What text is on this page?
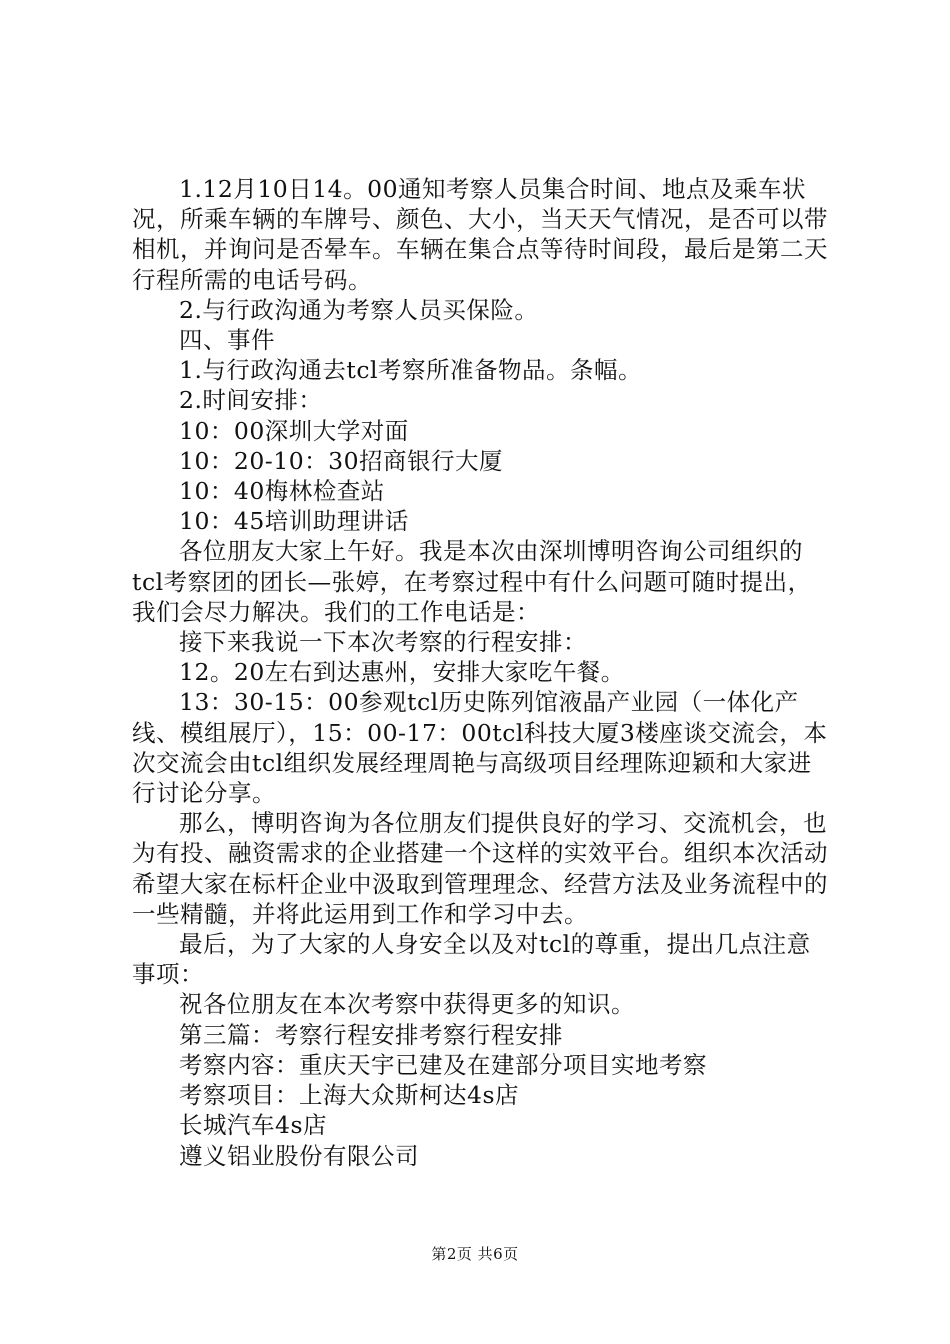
1.12月10日14。00通知考察人员集合时间、地点及乘车状况，所乘车辆的车牌号、颜色、大小，当天天气情况，是否可以带相机，并询问是否晕车。车辆在集合点等待时间段，最后是第二天行程所需的电话号码。

2.与行政沟通为考察人员买保险。

四、事件

1.与行政沟通去tcl考察所准备物品。条幅。

2.时间安排：

10：00深圳大学对面

10：20-10：30招商银行大厦

10：40梅林检查站

10：45培训助理讲话

各位朋友大家上午好。我是本次由深圳博明咨询公司组织的tcl考察团的团长—张婷，在考察过程中有什么问题可随时提出，我们会尽力解决。我们的工作电话是：

接下来我说一下本次考察的行程安排：

12。20左右到达惠州，安排大家吃午餐。

13：30-15：00参观tcl历史陈列馆液晶产业园（一体化产线、模组展厅），15：00-17：00tcl科技大厦3楼座谈交流会，本次交流会由tcl组织发展经理周艳与高级项目经理陈迎颖和大家进行讨论分享。

那么，博明咨询为各位朋友们提供良好的学习、交流机会，也为有投、融资需求的企业搭建一个这样的实效平台。组织本次活动希望大家在标杆企业中汲取到管理理念、经营方法及业务流程中的一些精髓，并将此运用到工作和学习中去。

最后，为了大家的人身安全以及对tcl的尊重，提出几点注意事项：

祝各位朋友在本次考察中获得更多的知识。

第三篇：考察行程安排考察行程安排

考察内容：重庆天宇已建及在建部分项目实地考察

考察项目：上海大众斯柯达4s店

长城汽车4s店

遵义铝业股份有限公司

第2页 共6页
